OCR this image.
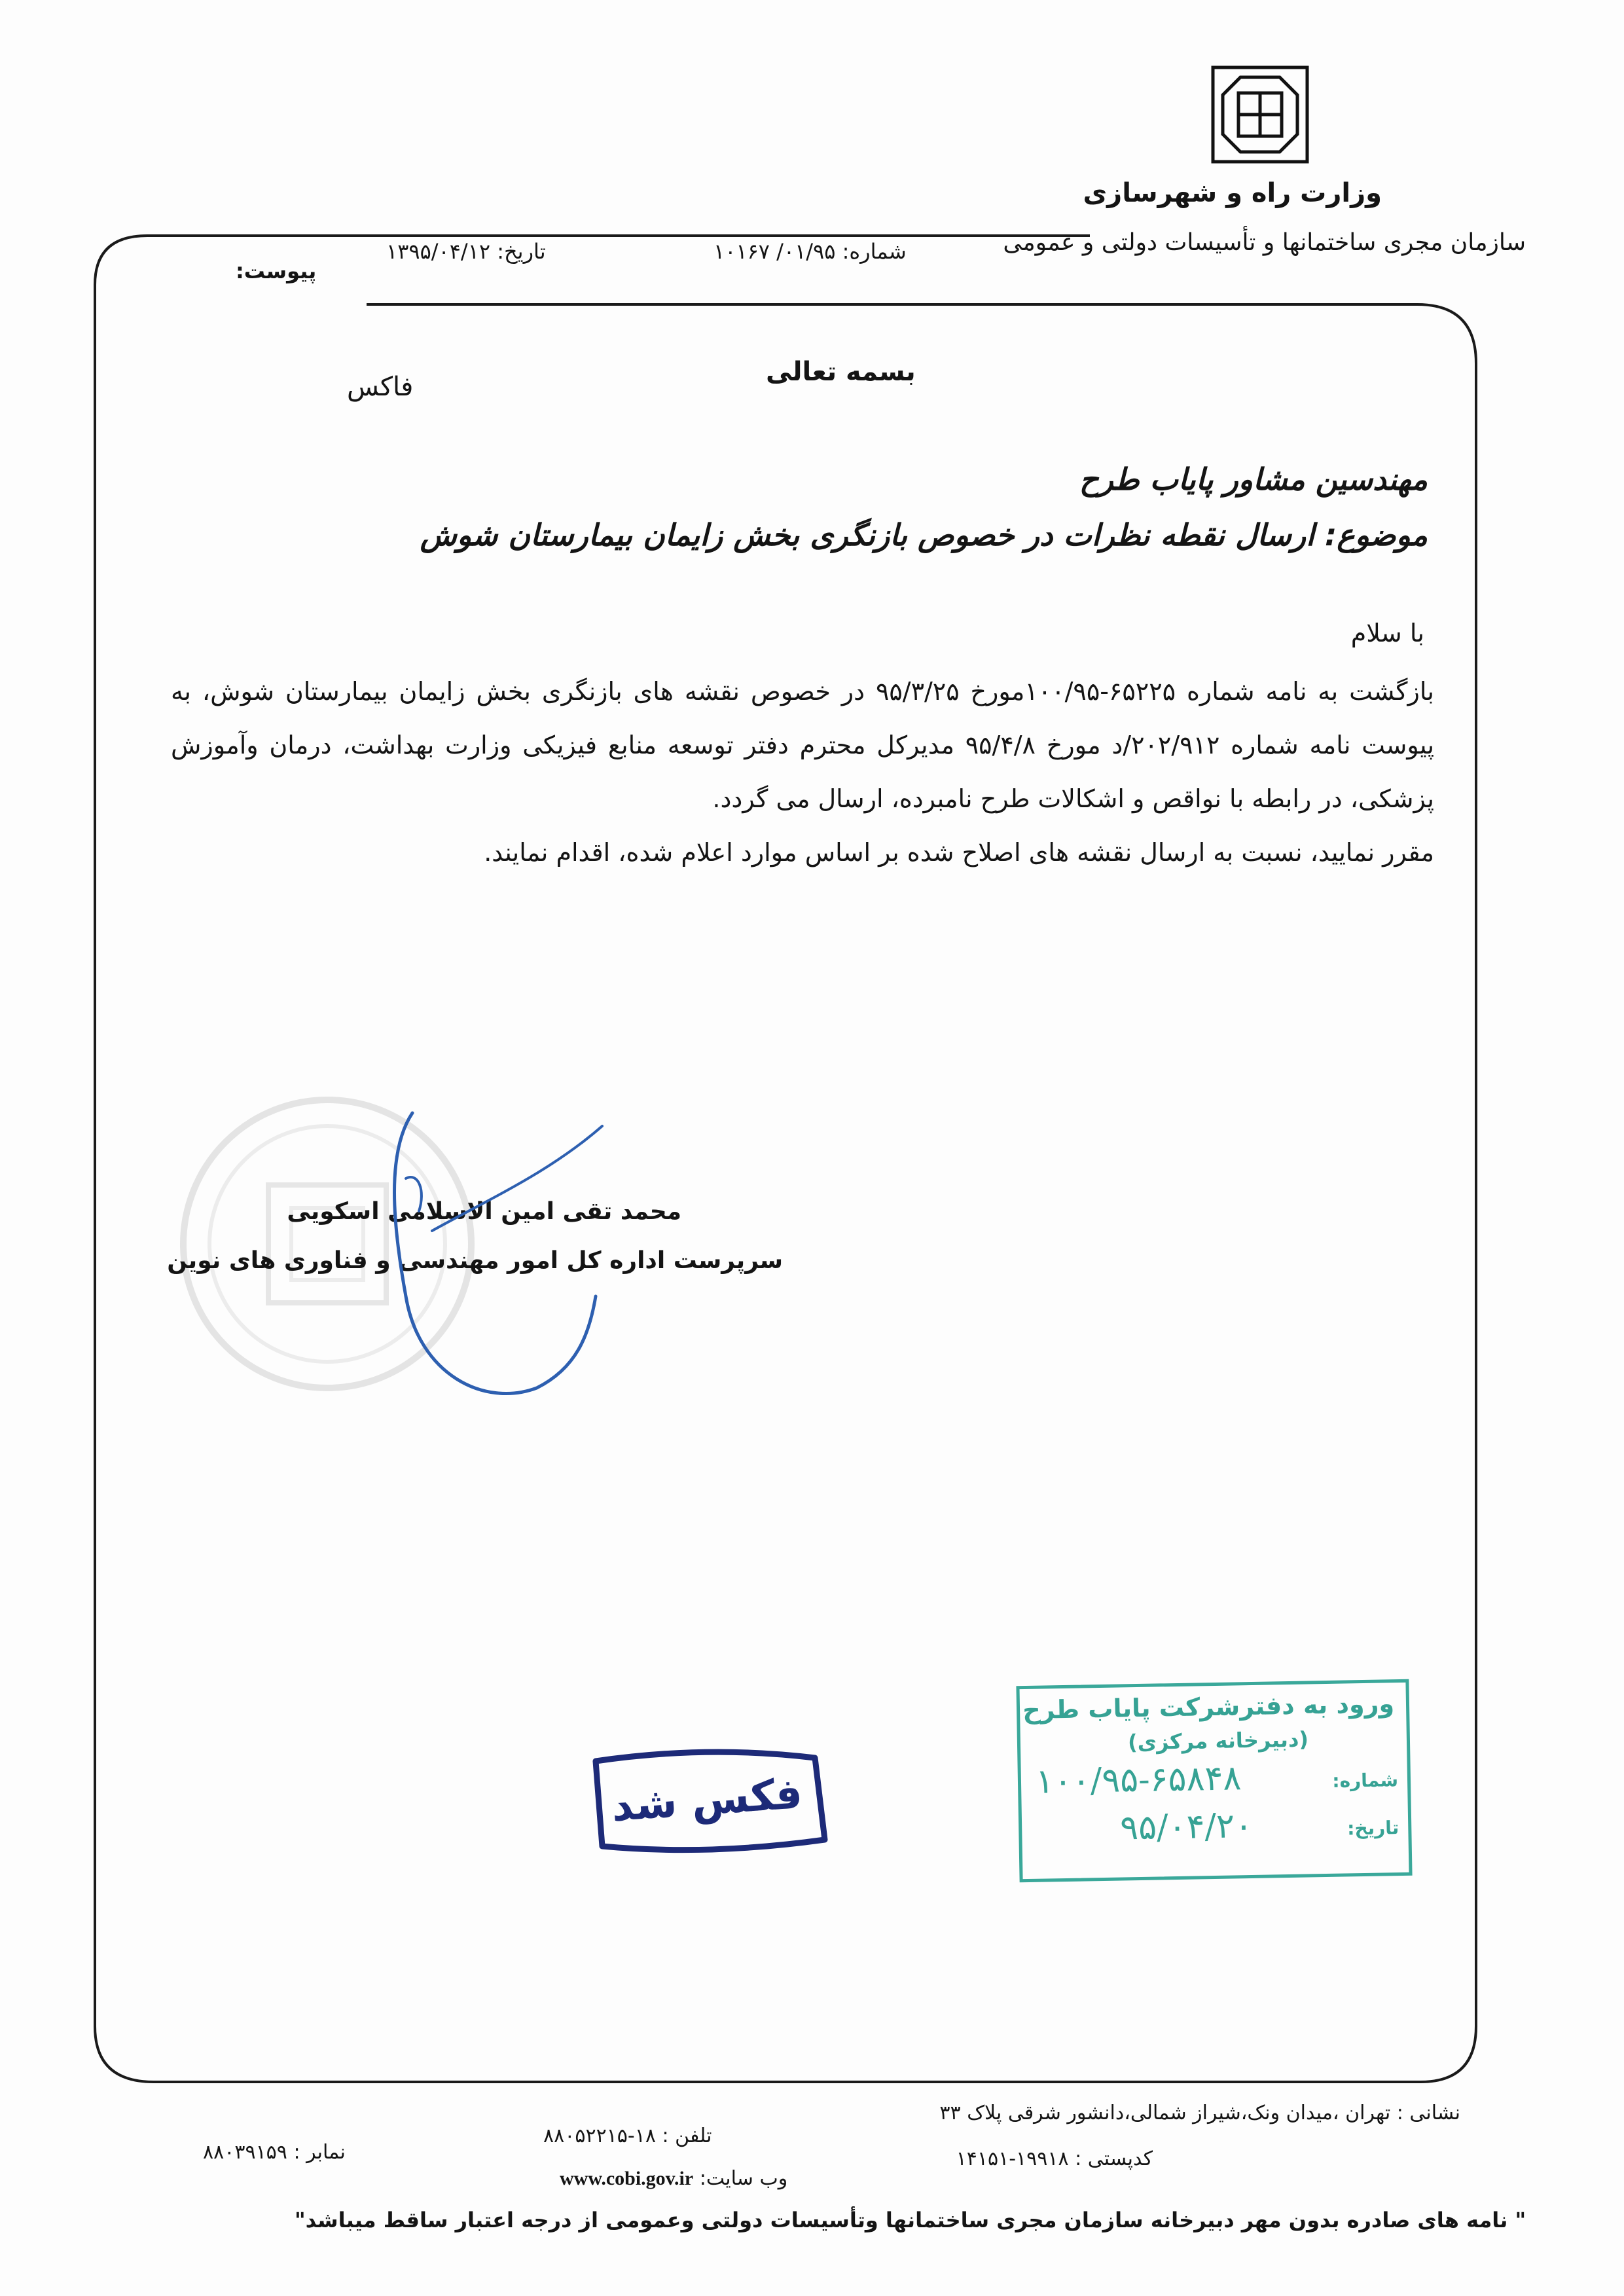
وزارت راه و شهرسازی
سازمان مجری ساختمانها و تأسیسات دولتی و عمومی
شماره: ۰۱/۹۵/ ۱۰۱۶۷
تاریخ: ۱۳۹۵/۰۴/۱۲
پیوست:
بسمه تعالی
فاکس
مهندسین مشاور پایاب طرح
موضوع: ارسال نقطه نظرات در خصوص بازنگری بخش زایمان بیمارستان شوش
با سلام

بازگشت به نامه شماره ۶۵۲۲۵-۱۰۰/۹۵مورخ ۹۵/۳/۲۵ در خصوص نقشه های بازنگری بخش زایمان بیمارستان شوش، به پیوست نامه شماره ۲۰۲/۹۱۲/د مورخ ۹۵/۴/۸ مدیرکل محترم دفتر توسعه منابع فیزیکی وزارت بهداشت، درمان وآموزش پزشکی، در رابطه با نواقص و اشکالات طرح نامبرده، ارسال می گردد.

مقرر نمایید، نسبت به ارسال نقشه های اصلاح شده بر اساس موارد اعلام شده، اقدام نمایند.

محمد تقی امین الاسلامی اسکویی
سرپرست اداره کل امور مهندسی و فناوری های نوین
فکس شد
ورود به دفترشرکت پایاب طرح
(دبیرخانه مرکزی)
شماره:
۱۰۰/۹۵-۶۵۸۴۸
تاریخ:
۹۵/۰۴/۲۰
نشانی : تهران ،میدان ونک،شیراز شمالی،دانشور شرقی پلاک ۳۳
کدپستی : ۱۹۹۱۸-۱۴۱۵۱
تلفن : ۱۸-۸۸۰۵۲۲۱۵
وب سایت: www.cobi.gov.ir
نمابر : ۸۸۰۳۹۱۵۹
" نامه های صادره بدون مهر دبیرخانه سازمان مجری ساختمانها وتأسیسات دولتی وعمومی از درجه اعتبار ساقط میباشد"
